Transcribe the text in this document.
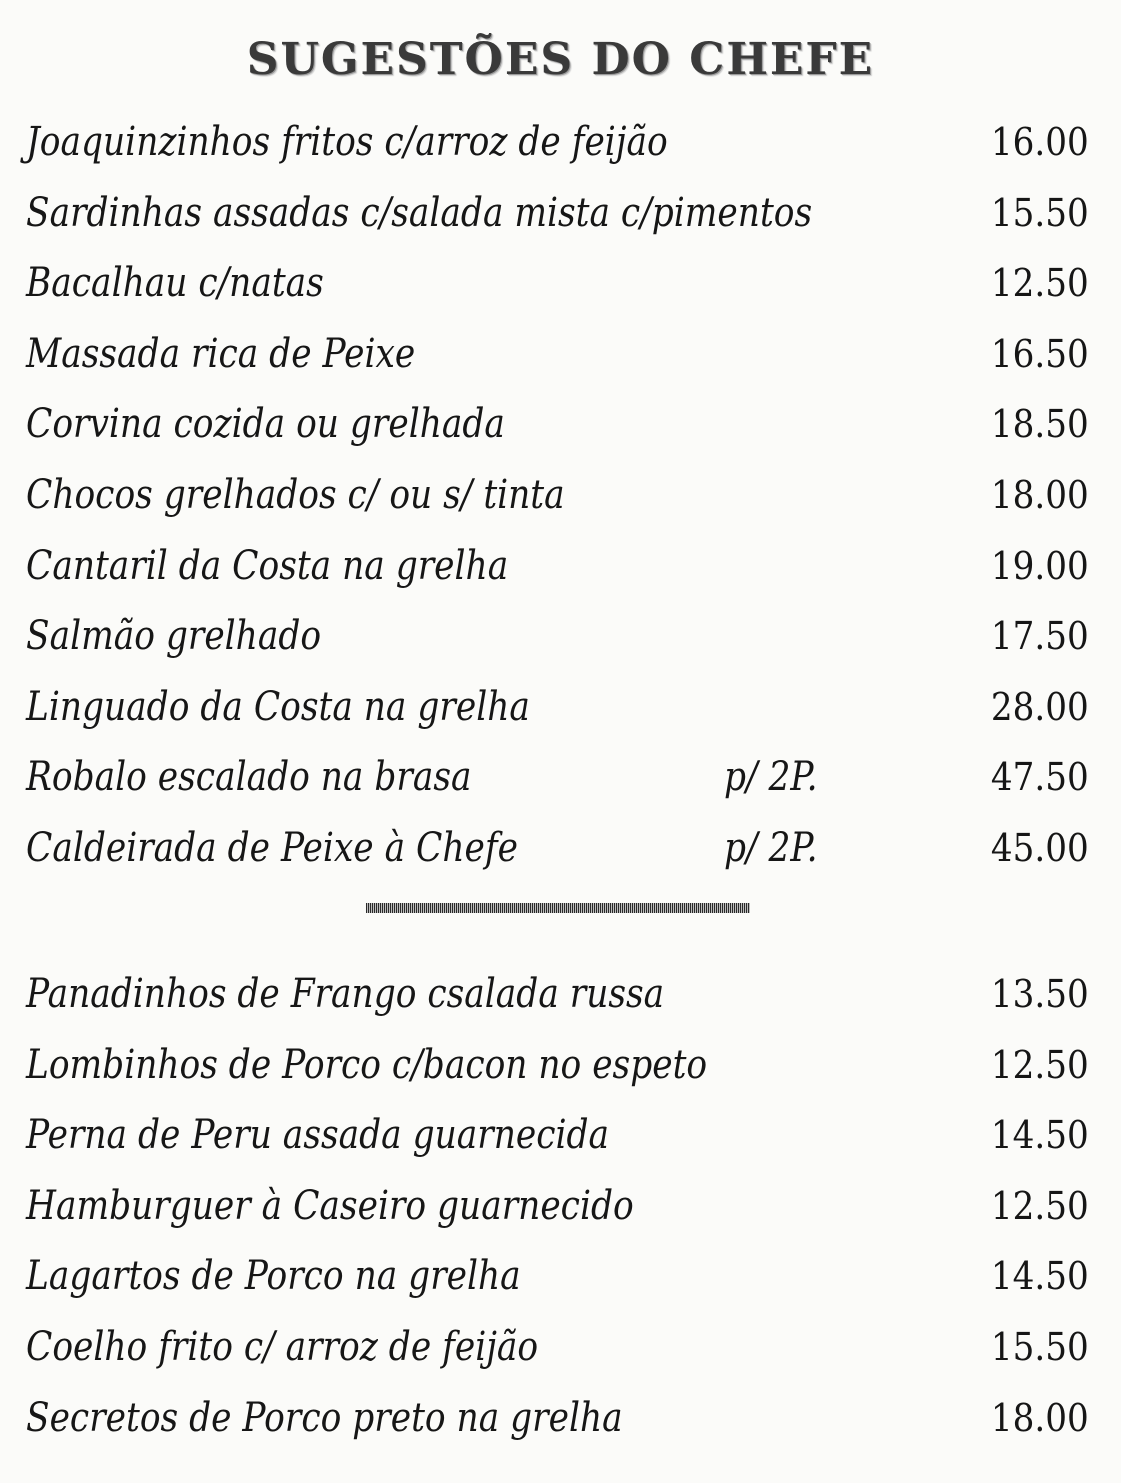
SUGESTÕES DO CHEFE
Joaquinzinhos fritos c/arroz de feijão	16.00
Sardinhas assadas c/salada mista c/pimentos	15.50
Bacalhau c/natas	12.50
Massada rica de Peixe	16.50
Corvina cozida ou grelhada	18.50
Chocos grelhados c/ ou s/ tinta	18.00
Cantaril da Costa na grelha	19.00
Salmão grelhado	17.50
Linguado da Costa na grelha	28.00
Robalo escalado na brasa	p/ 2P.	47.50
Caldeirada de Peixe à Chefe	p/ 2P.	45.00
Panadinhos de Frango csalada russa	13.50
Lombinhos de Porco c/bacon no espeto	12.50
Perna de Peru assada guarnecida	14.50
Hamburguer à Caseiro guarnecido	12.50
Lagartos de Porco na grelha	14.50
Coelho frito c/ arroz de feijão	15.50
Secretos de Porco preto na grelha	18.00
